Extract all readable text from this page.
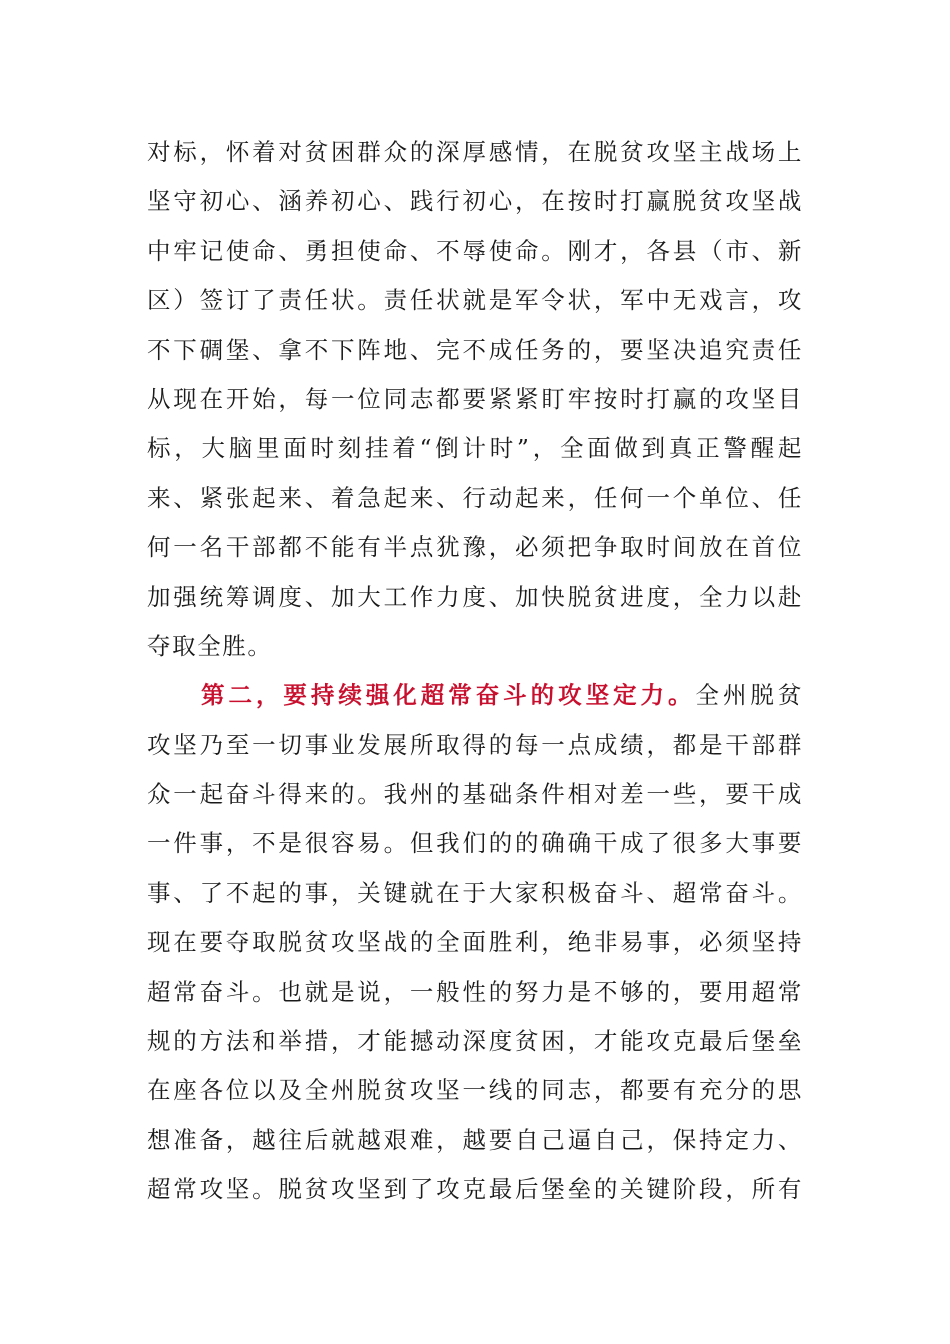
对标，怀着对贫困群众的深厚感情，在脱贫攻坚主战场上
坚守初心、涵养初心、践行初心，在按时打赢脱贫攻坚战
中牢记使命、勇担使命、不辱使命。刚才，各县（市、新
区）签订了责任状。责任状就是军令状，军中无戏言，攻
不下碉堡、拿不下阵地、完不成任务的，要坚决追究责任
从现在开始，每一位同志都要紧紧盯牢按时打赢的攻坚目
标，大脑里面时刻挂着“倒计时”，全面做到真正警醒起
来、紧张起来、着急起来、行动起来，任何一个单位、任
何一名干部都不能有半点犹豫，必须把争取时间放在首位
加强统筹调度、加大工作力度、加快脱贫进度，全力以赴
夺取全胜。
第二，要持续强化超常奋斗的攻坚定力。全州脱贫
攻坚乃至一切事业发展所取得的每一点成绩，都是干部群
众一起奋斗得来的。我州的基础条件相对差一些，要干成
一件事，不是很容易。但我们的的确确干成了很多大事要
事、了不起的事，关键就在于大家积极奋斗、超常奋斗。
现在要夺取脱贫攻坚战的全面胜利，绝非易事，必须坚持
超常奋斗。也就是说，一般性的努力是不够的，要用超常
规的方法和举措，才能撼动深度贫困，才能攻克最后堡垒
在座各位以及全州脱贫攻坚一线的同志，都要有充分的思
想准备，越往后就越艰难，越要自己逼自己，保持定力、
超常攻坚。脱贫攻坚到了攻克最后堡垒的关键阶段，所有
